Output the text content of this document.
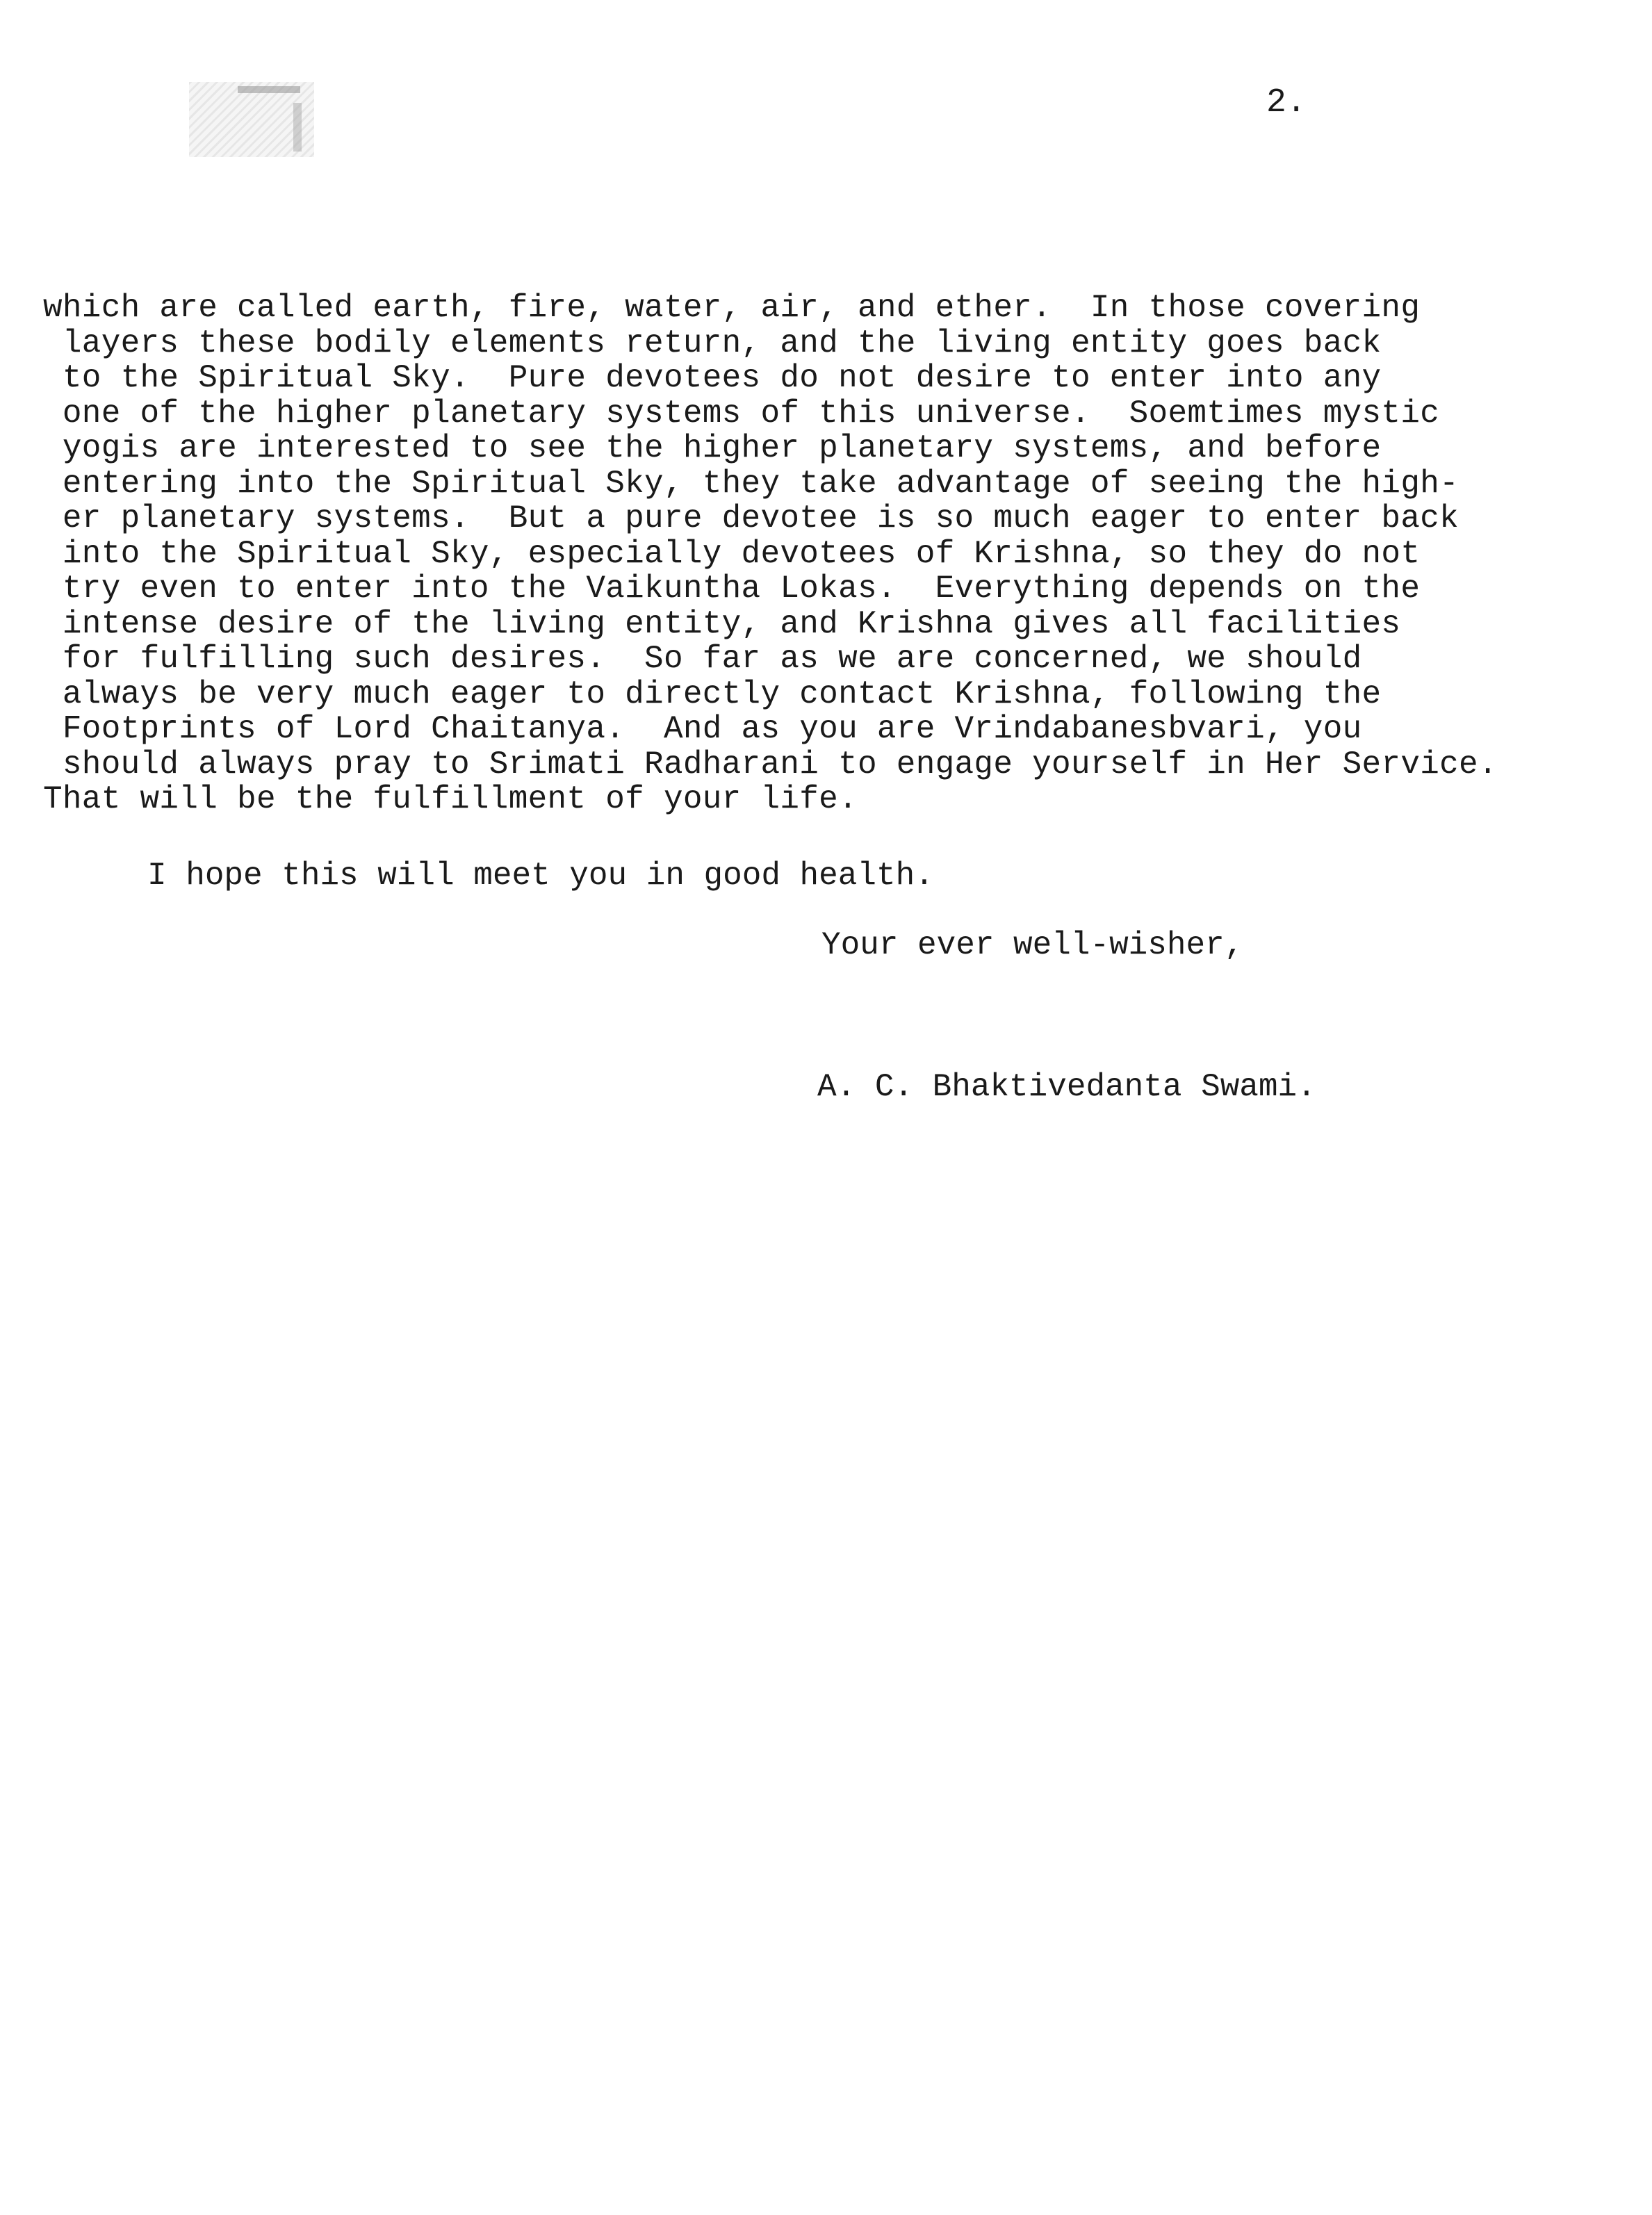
2.
which are called earth, fire, water, air, and ether.  In those covering
layers these bodily elements return, and the living entity goes back
to the Spiritual Sky.  Pure devotees do not desire to enter into any
one of the higher planetary systems of this universe.  Soemtimes mystic
yogis are interested to see the higher planetary systems, and before
entering into the Spiritual Sky, they take advantage of seeing the high-
er planetary systems.  But a pure devotee is so much eager to enter back
into the Spiritual Sky, especially devotees of Krishna, so they do not
try even to enter into the Vaikuntha Lokas.  Everything depends on the
intense desire of the living entity, and Krishna gives all facilities
for fulfilling such desires.  So far as we are concerned, we should
always be very much eager to directly contact Krishna, following the
Footprints of Lord Chaitanya.  And as you are Vrindabanesbvari, you
should always pray to Srimati Radharani to engage yourself in Her Service.
That will be the fulfillment of your life.
I hope this will meet you in good health.
Your ever well-wisher,
A. C. Bhaktivedanta Swami.
